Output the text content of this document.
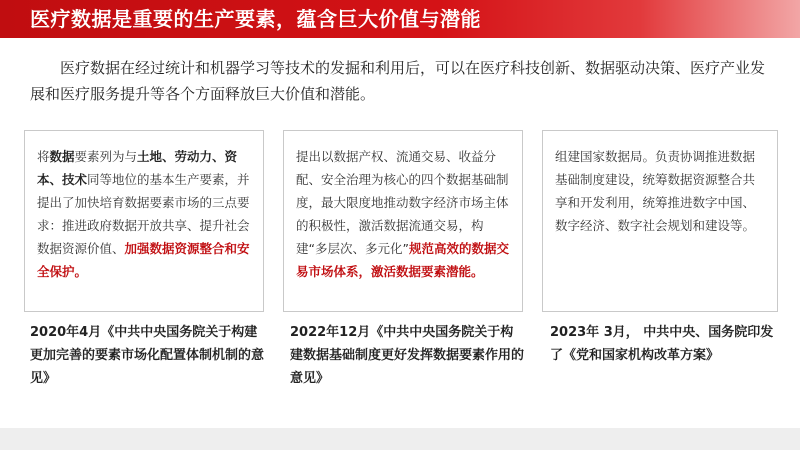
医疗数据是重要的生产要素，蕴含巨大价值与潜能
医疗数据在经过统计和机器学习等技术的发掘和利用后，可以在医疗科技创新、数据驱动决策、医疗产业发展和医疗服务提升等各个方面释放巨大价值和潜能。
将数据要素列为与土地、劳动力、资本、技术同等地位的基本生产要素，并提出了加快培育数据要素市场的三点要求：推进政府数据开放共享、提升社会数据资源价值、加强数据资源整合和安全保护。
提出以数据产权、流通交易、收益分配、安全治理为核心的四个数据基础制度，最大限度地推动数字经济市场主体的积极性，激活数据流通交易，构建“多层次、多元化”规范高效的数据交易市场体系，激活数据要素潜能。
组建国家数据局。负责协调推进数据基础制度建设，统筹数据资源整合共享和开发利用，统筹推进数字中国、数字经济、数字社会规划和建设等。
2020年4月《中共中央国务院关于构建更加完善的要素市场化配置体制机制的意见》
2022年12月《中共中央国务院关于构建数据基础制度更好发挥数据要素作用的意见》
2023年 3月， 中共中央、国务院印发了《党和国家机构改革方案》
